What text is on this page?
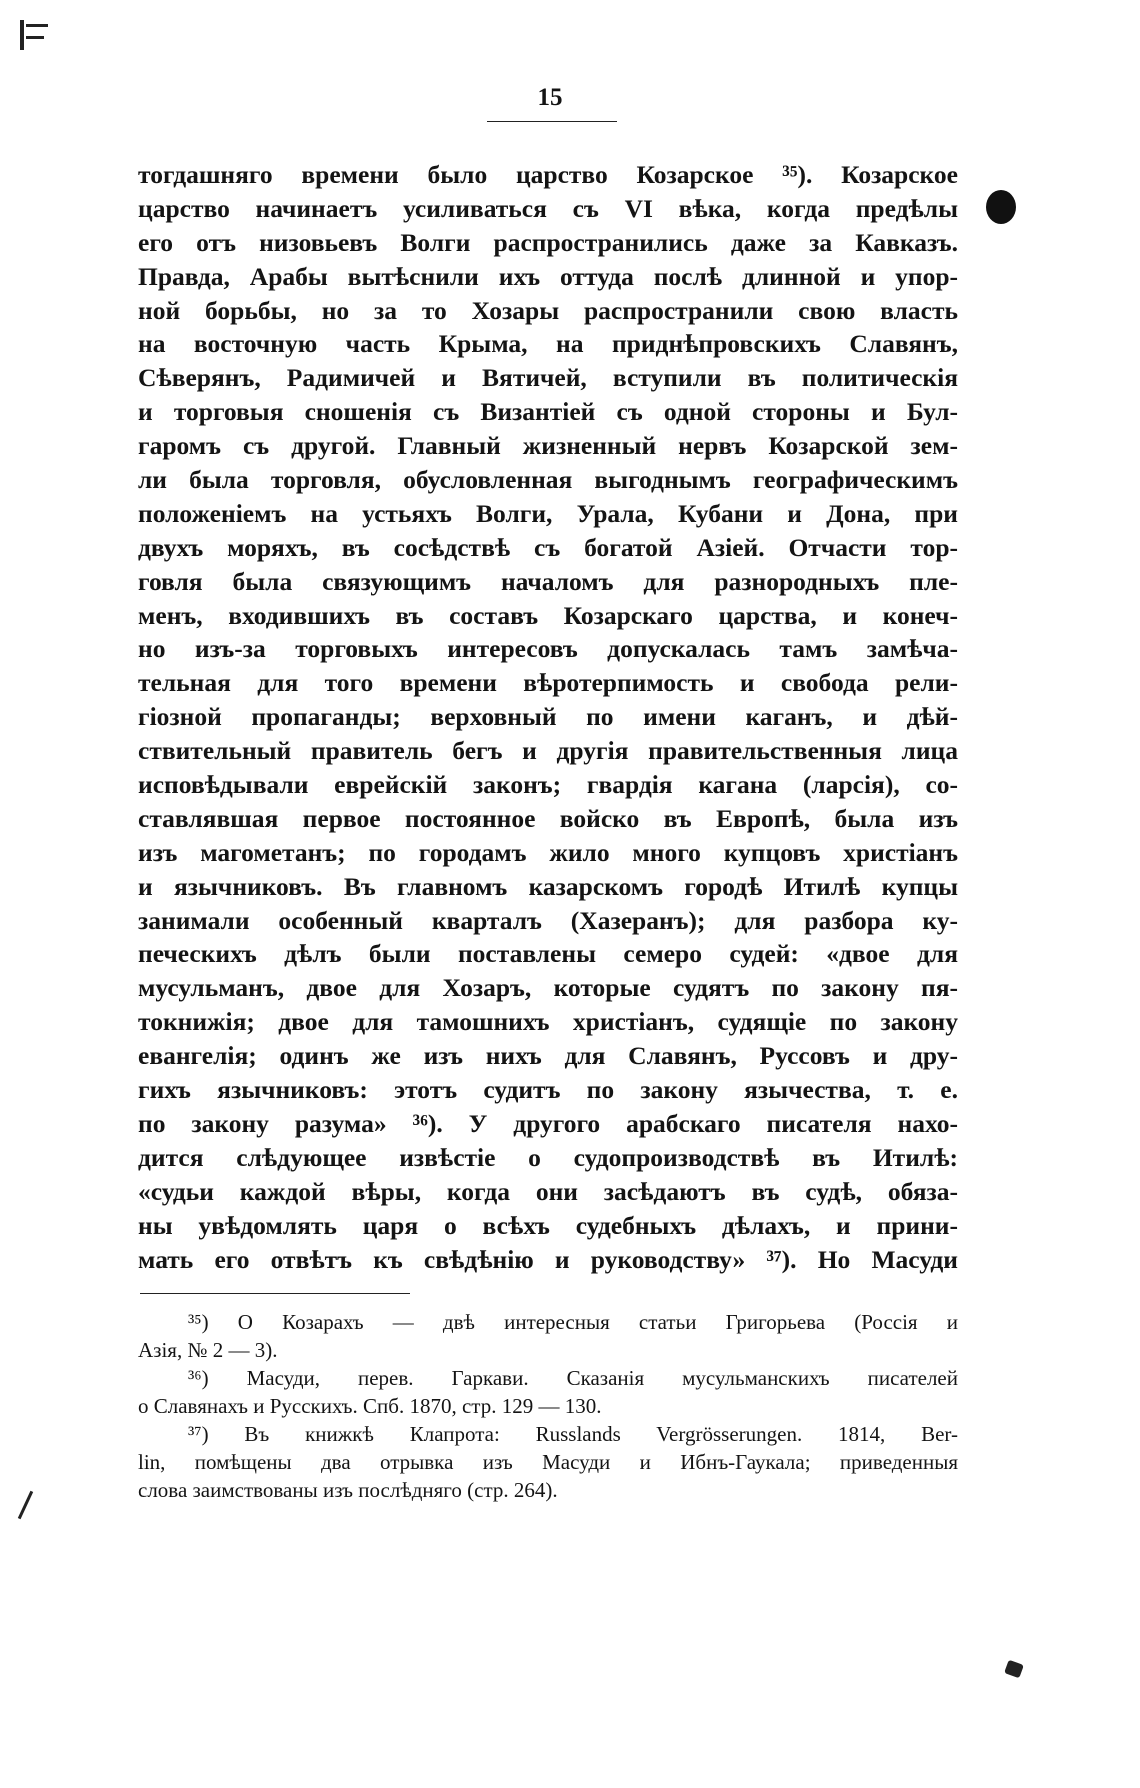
15
тогдашняго времени было царство Козарское ³⁵). Козарское
царство начинаетъ усиливаться съ VI вѣка, когда предѣлы
его отъ низовьевъ Волги распространились даже за Кавказъ.
Правда, Арабы вытѣснили ихъ оттуда послѣ длинной и упор-
ной борьбы, но за то Хозары распространили свою власть
на восточную часть Крыма, на приднѣпровскихъ Славянъ,
Сѣверянъ, Радимичей и Вятичей, вступили въ политическія
и торговыя сношенія съ Византіей съ одной стороны и Бул-
гаромъ съ другой. Главный жизненный нервъ Козарской зем-
ли была торговля, обусловленная выгоднымъ географическимъ
положеніемъ на устьяхъ Волги, Урала, Кубани и Дона, при
двухъ моряхъ, въ сосѣдствѣ съ богатой Азіей. Отчасти тор-
говля была связующимъ началомъ для разнородныхъ пле-
менъ, входившихъ въ составъ Козарскаго царства, и конеч-
но изъ-за торговыхъ интересовъ допускалась тамъ замѣча-
тельная для того времени вѣротерпимость и свобода рели-
гіозной пропаганды; верховный по имени каганъ, и дѣй-
ствительный правитель бегъ и другія правительственныя лица
исповѣдывали еврейскій законъ; гвардія кагана (ларсія), со-
ставлявшая первое постоянное войско въ Европѣ, была изъ
изъ магометанъ; по городамъ жило много купцовъ христіанъ
и язычниковъ. Въ главномъ казарскомъ городѣ Итилѣ купцы
занимали особенный кварталъ (Хазеранъ); для разбора ку-
печескихъ дѣлъ были поставлены семеро судей: «двое для
мусульманъ, двое для Хозаръ, которые судятъ по закону пя-
токнижія; двое для тамошнихъ христіанъ, судящіе по закону
евангелія; одинъ же изъ нихъ для Славянъ, Руссовъ и дру-
гихъ язычниковъ: этотъ судитъ по закону язычества, т. е.
по закону разума» ³⁶). У другого арабскаго писателя нахо-
дится слѣдующее извѣстіе о судопроизводствѣ въ Итилѣ:
«судьи каждой вѣры, когда они засѣдаютъ въ судѣ, обяза-
ны увѣдомлять царя о всѣхъ судебныхъ дѣлахъ, и прини-
мать его отвѣтъ къ свѣдѣнію и руководству» ³⁷). Но Масуди
³⁵) О Козарахъ — двѣ интересныя статьи Григорьева (Россія и
Азія, № 2 — 3).
³⁶) Масуди, перев. Гаркави. Сказанія мусульманскихъ писателей
о Славянахъ и Русскихъ. Спб. 1870, стр. 129 — 130.
³⁷) Въ книжкѣ Клапрота: Russlands Vergrösserungen. 1814, Ber-
lin, помѣщены два отрывка изъ Масуди и Ибнъ-Гаукала; приведенныя
слова заимствованы изъ послѣдняго (стр. 264).
